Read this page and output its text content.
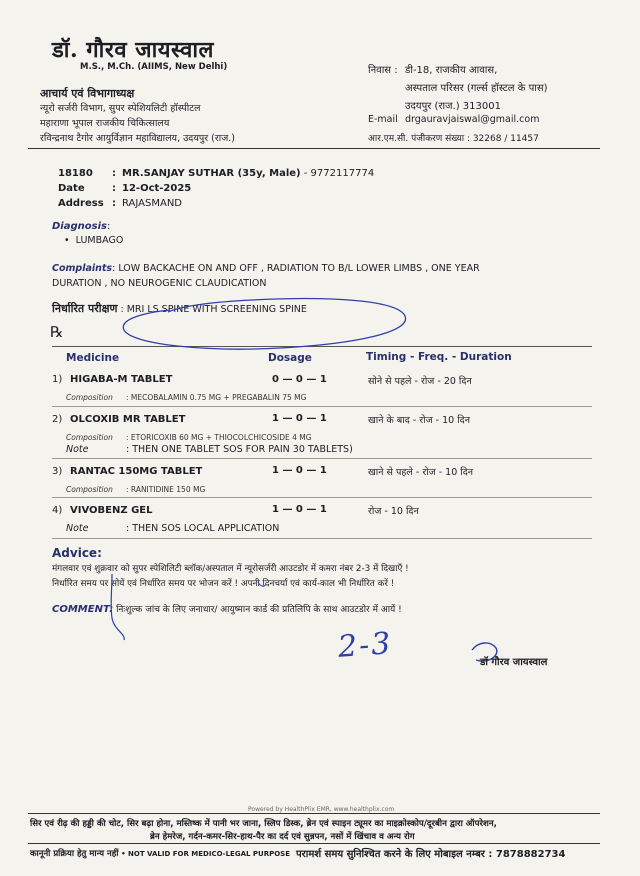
डॉ. गौरव जायस्वाल
M.S., M.Ch. (AIIMS, New Delhi)
आचार्य एवं विभागाध्यक्ष
न्यूरो सर्जरी विभाग, सुपर स्पेशियलिटी हॉस्पीटल
महाराणा भूपाल राजकीय चिकित्सालय
रविन्द्रनाथ टैगोर आयुर्विज्ञान महाविद्यालय, उदयपुर (राज.)
निवास : डी-18, राजकीय आवास,
अस्पताल परिसर (गर्ल्स हॉस्टल के पास)
उदयपुर (राज.) 313001
E-mail drgauravjaiswal@gmail.com
आर.एम.सी. पंजीकरण संख्या : 32268 / 11457
18180 : MR.SANJAY SUTHAR (35y, Male) - 9772117774
Date	: 12-Oct-2025
Address : RAJASMAND
Diagnosis:
•  LUMBAGO
Complaints: LOW BACKACHE ON AND OFF , RADIATION TO B/L LOWER LIMBS , ONE YEAR
DURATION , NO NEUROGENIC CLAUDICATION
निर्धारित परीक्षण : MRI LS SPINE WITH SCREENING SPINE
℞
Medicine	Dosage	Timing - Freq. - Duration
1) HIGABA-M TABLET	0 — 0 — 1	सोने से पहले - रोज - 20 दिन
Composition : MECOBALAMIN 0.75 MG + PREGABALIN 75 MG
2) OLCOXIB MR TABLET	1 — 0 — 1	खाने के बाद - रोज - 10 दिन
Composition : ETORICOXIB 60 MG + THIOCOLCHICOSIDE 4 MG
Note	: THEN ONE TABLET SOS FOR PAIN 30 TABLETS)
3) RANTAC 150MG TABLET	1 — 0 — 1	खाने से पहले - रोज - 10 दिन
Composition : RANITIDINE 150 MG
4) VIVOBENZ GEL	1 — 0 — 1	रोज - 10 दिन
Note	: THEN SOS LOCAL APPLICATION
Advice:
मंगलवार एवं शुक्रवार को सुपर स्पेशिलिटी ब्लॉक/अस्पताल में न्यूरोसर्जरी आउटडोर में कमरा नंबर 2-3 में दिखाएँ !
निर्धारित समय पर सोयें एवं निर्धारित समय पर भोजन करें ! अपनी दिनचर्या एवं कार्य-काल भी निर्धारित करें !
COMMENT: निःशुल्क जांच के लिए जनाधार/ आयुष्मान कार्ड की प्रतिलिपि के साथ आउटडोर में आयें !
2-3	डॉ गौरव जायस्वाल
Powered by HealthPlix EMR, www.healthplix.com
सिर एवं रीढ़ की हड्डी की चोट, सिर बढ़ा होना, मस्तिष्क में पानी भर जाना, स्लिप डिस्क, ब्रेन एवं स्पाइन ट्यूमर का माइक्रोस्कोप/दूरबीन द्वारा ऑपरेशन,
ब्रेन हेमरेज, गर्दन-कमर-सिर-हाथ-पैर का दर्द एवं सुन्नपन, नसों में खिंचाव व अन्य रोग
कानूनी प्रक्रिया हेतु मान्य नहीं • NOT VALID FOR MEDICO-LEGAL PURPOSE परामर्श समय सुनिश्चित करने के लिए मोबाइल नम्बर : 7878882734
